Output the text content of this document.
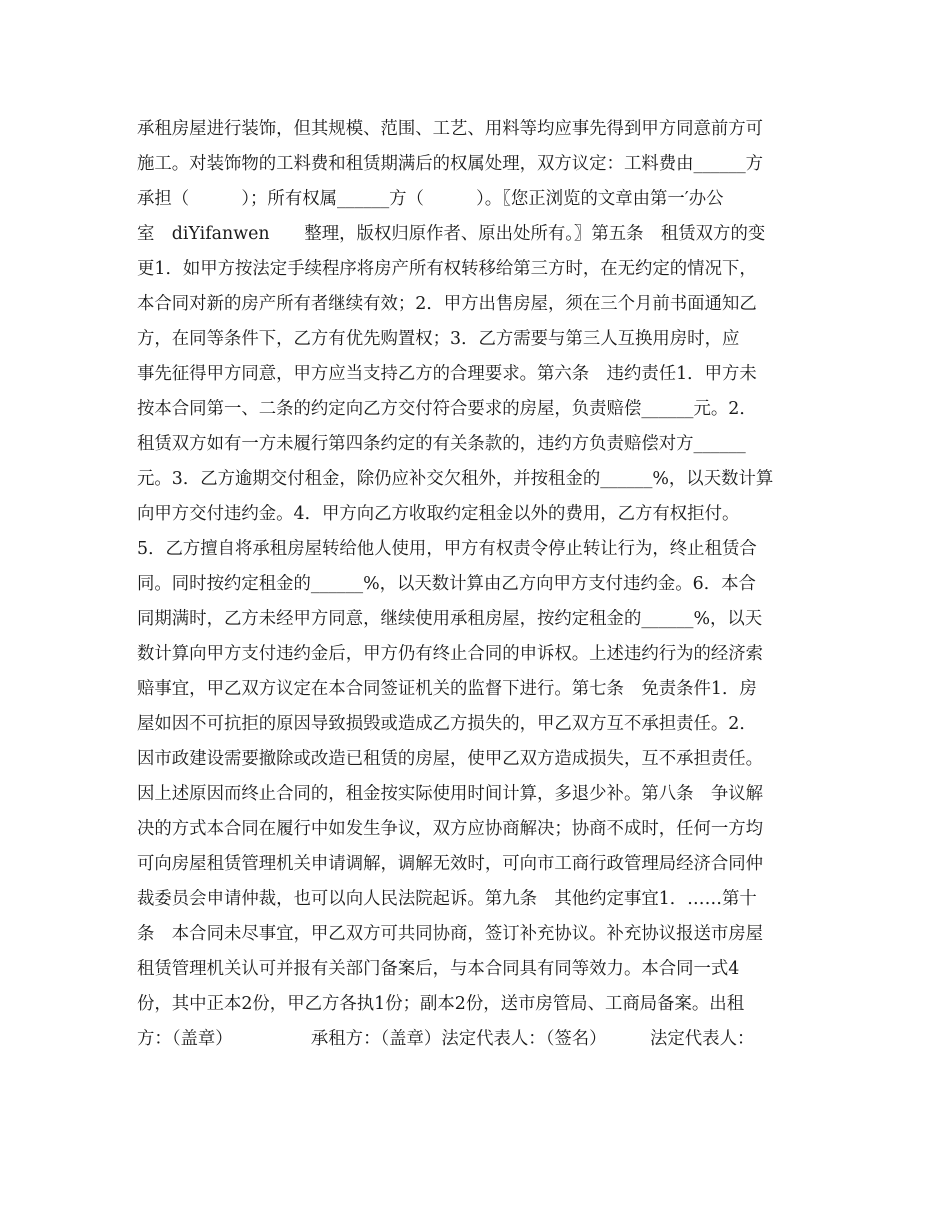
承租房屋进行装饰，但其规模、范围、工艺、用料等均应事先得到甲方同意前方可
施工。对装饰物的工料费和租赁期满后的权属处理，双方议定：工料费由______方
承担（　　　）；所有权属______方（　　　）。〖您正浏览的文章由第一′办公
室　diYifanwen　　整理，版权归原作者、原出处所有。〗第五条　租赁双方的变
更1．如甲方按法定手续程序将房产所有权转移给第三方时，在无约定的情况下，
本合同对新的房产所有者继续有效；2．甲方出售房屋，须在三个月前书面通知乙
方，在同等条件下，乙方有优先购置权；3．乙方需要与第三人互换用房时，应
事先征得甲方同意，甲方应当支持乙方的合理要求。第六条　违约责任1．甲方未
按本合同第一、二条的约定向乙方交付符合要求的房屋，负责赔偿______元。2．
租赁双方如有一方未履行第四条约定的有关条款的，违约方负责赔偿对方______
元。3．乙方逾期交付租金，除仍应补交欠租外，并按租金的______%，以天数计算
向甲方交付违约金。4．甲方向乙方收取约定租金以外的费用，乙方有权拒付。
5．乙方擅自将承租房屋转给他人使用，甲方有权责令停止转让行为，终止租赁合
同。同时按约定租金的______%，以天数计算由乙方向甲方支付违约金。6．本合
同期满时，乙方未经甲方同意，继续使用承租房屋，按约定租金的______%，以天
数计算向甲方支付违约金后，甲方仍有终止合同的申诉权。上述违约行为的经济索
赔事宜，甲乙双方议定在本合同签证机关的监督下进行。第七条　免责条件1．房
屋如因不可抗拒的原因导致损毁或造成乙方损失的，甲乙双方互不承担责任。2．
因市政建设需要撤除或改造已租赁的房屋，使甲乙双方造成损失，互不承担责任。
因上述原因而终止合同的，租金按实际使用时间计算，多退少补。第八条　争议解
决的方式本合同在履行中如发生争议，双方应协商解决；协商不成时，任何一方均
可向房屋租赁管理机关申请调解，调解无效时，可向市工商行政管理局经济合同仲
裁委员会申请仲裁，也可以向人民法院起诉。第九条　其他约定事宜1．……第十
条　本合同未尽事宜，甲乙双方可共同协商，签订补充协议。补充协议报送市房屋
租赁管理机关认可并报有关部门备案后，与本合同具有同等效力。本合同一式4
份，其中正本2份，甲乙方各执1份；副本2份，送市房管局、工商局备案。出租
方：（盖章）　　　　　承租方：（盖章）法定代表人：（签名）　　　法定代表人：
